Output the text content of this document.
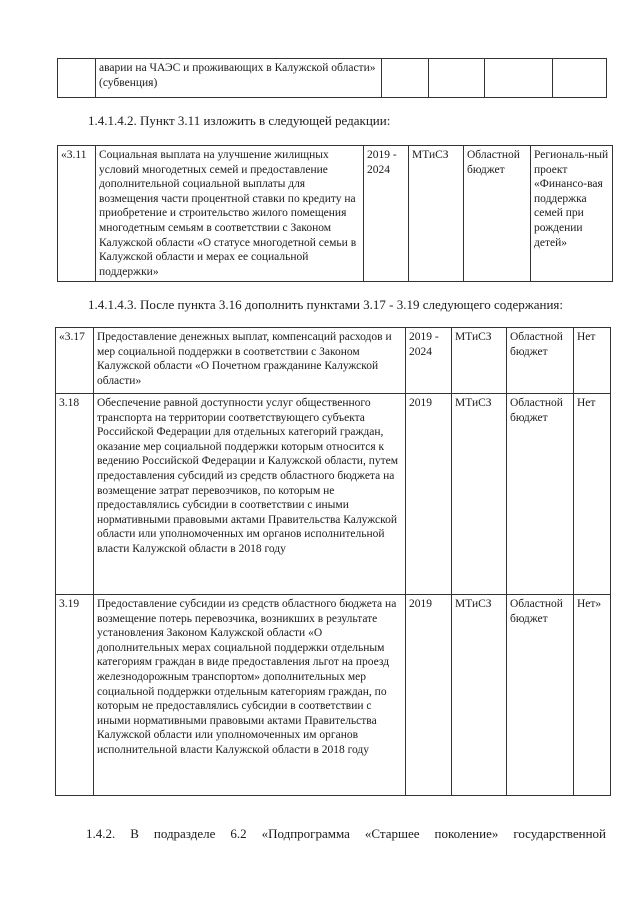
	аварии на ЧАЭС и проживающих в Калужской области» (субвенция)				
1.4.1.4.2. Пункт 3.11 изложить в следующей редакции:
«3.11	Социальная выплата на улучшение жилищных условий многодетных семей и предоставление дополнительной социальной выплаты для возмещения части процентной ставки по кредиту на приобретение и строительство жилого помещения многодетным семьям в соответствии с Законом Калужской области «О статусе многодетной семьи в Калужской области и мерах ее социальной поддержки»	2019 - 2024	МТиСЗ	Областной бюджет	Региональ-ный проект «Финансо-вая поддержка семей при рождении детей»
1.4.1.4.3. После пункта 3.16 дополнить пунктами 3.17 - 3.19 следующего содержания:
«3.17	Предоставление денежных выплат, компенсаций расходов и мер социальной поддержки в соответствии с Законом Калужской области «О Почетном гражданине Калужской области»	2019 - 2024	МТиСЗ	Областной бюджет	Нет
3.18	Обеспечение равной доступности услуг общественного транспорта на территории соответствующего субъекта Российской Федерации для отдельных категорий граждан, оказание мер социальной поддержки которым относится к ведению Российской Федерации и Калужской области, путем предоставления субсидий из средств областного бюджета на возмещение затрат перевозчиков, по которым не предоставлялись субсидии в соответствии с иными нормативными правовыми актами Правительства Калужской области или уполномоченных им органов исполнительной власти Калужской области в 2018 году	2019	МТиСЗ	Областной бюджет	Нет
3.19	Предоставление субсидии из средств областного бюджета на возмещение потерь перевозчика, возникших в результате установления Законом Калужской области «О дополнительных мерах социальной поддержки отдельным категориям граждан в виде предоставления льгот на проезд железнодорожным транспортом» дополнительных мер социальной поддержки отдельным категориям граждан, по которым не предоставлялись субсидии в соответствии с иными нормативными правовыми актами Правительства Калужской области или уполномоченных им органов исполнительной власти Калужской области в 2018 году	2019	МТиСЗ	Областной бюджет	Нет»
1.4.2. В подразделе 6.2 «Подпрограмма «Старшее поколение» государственной
